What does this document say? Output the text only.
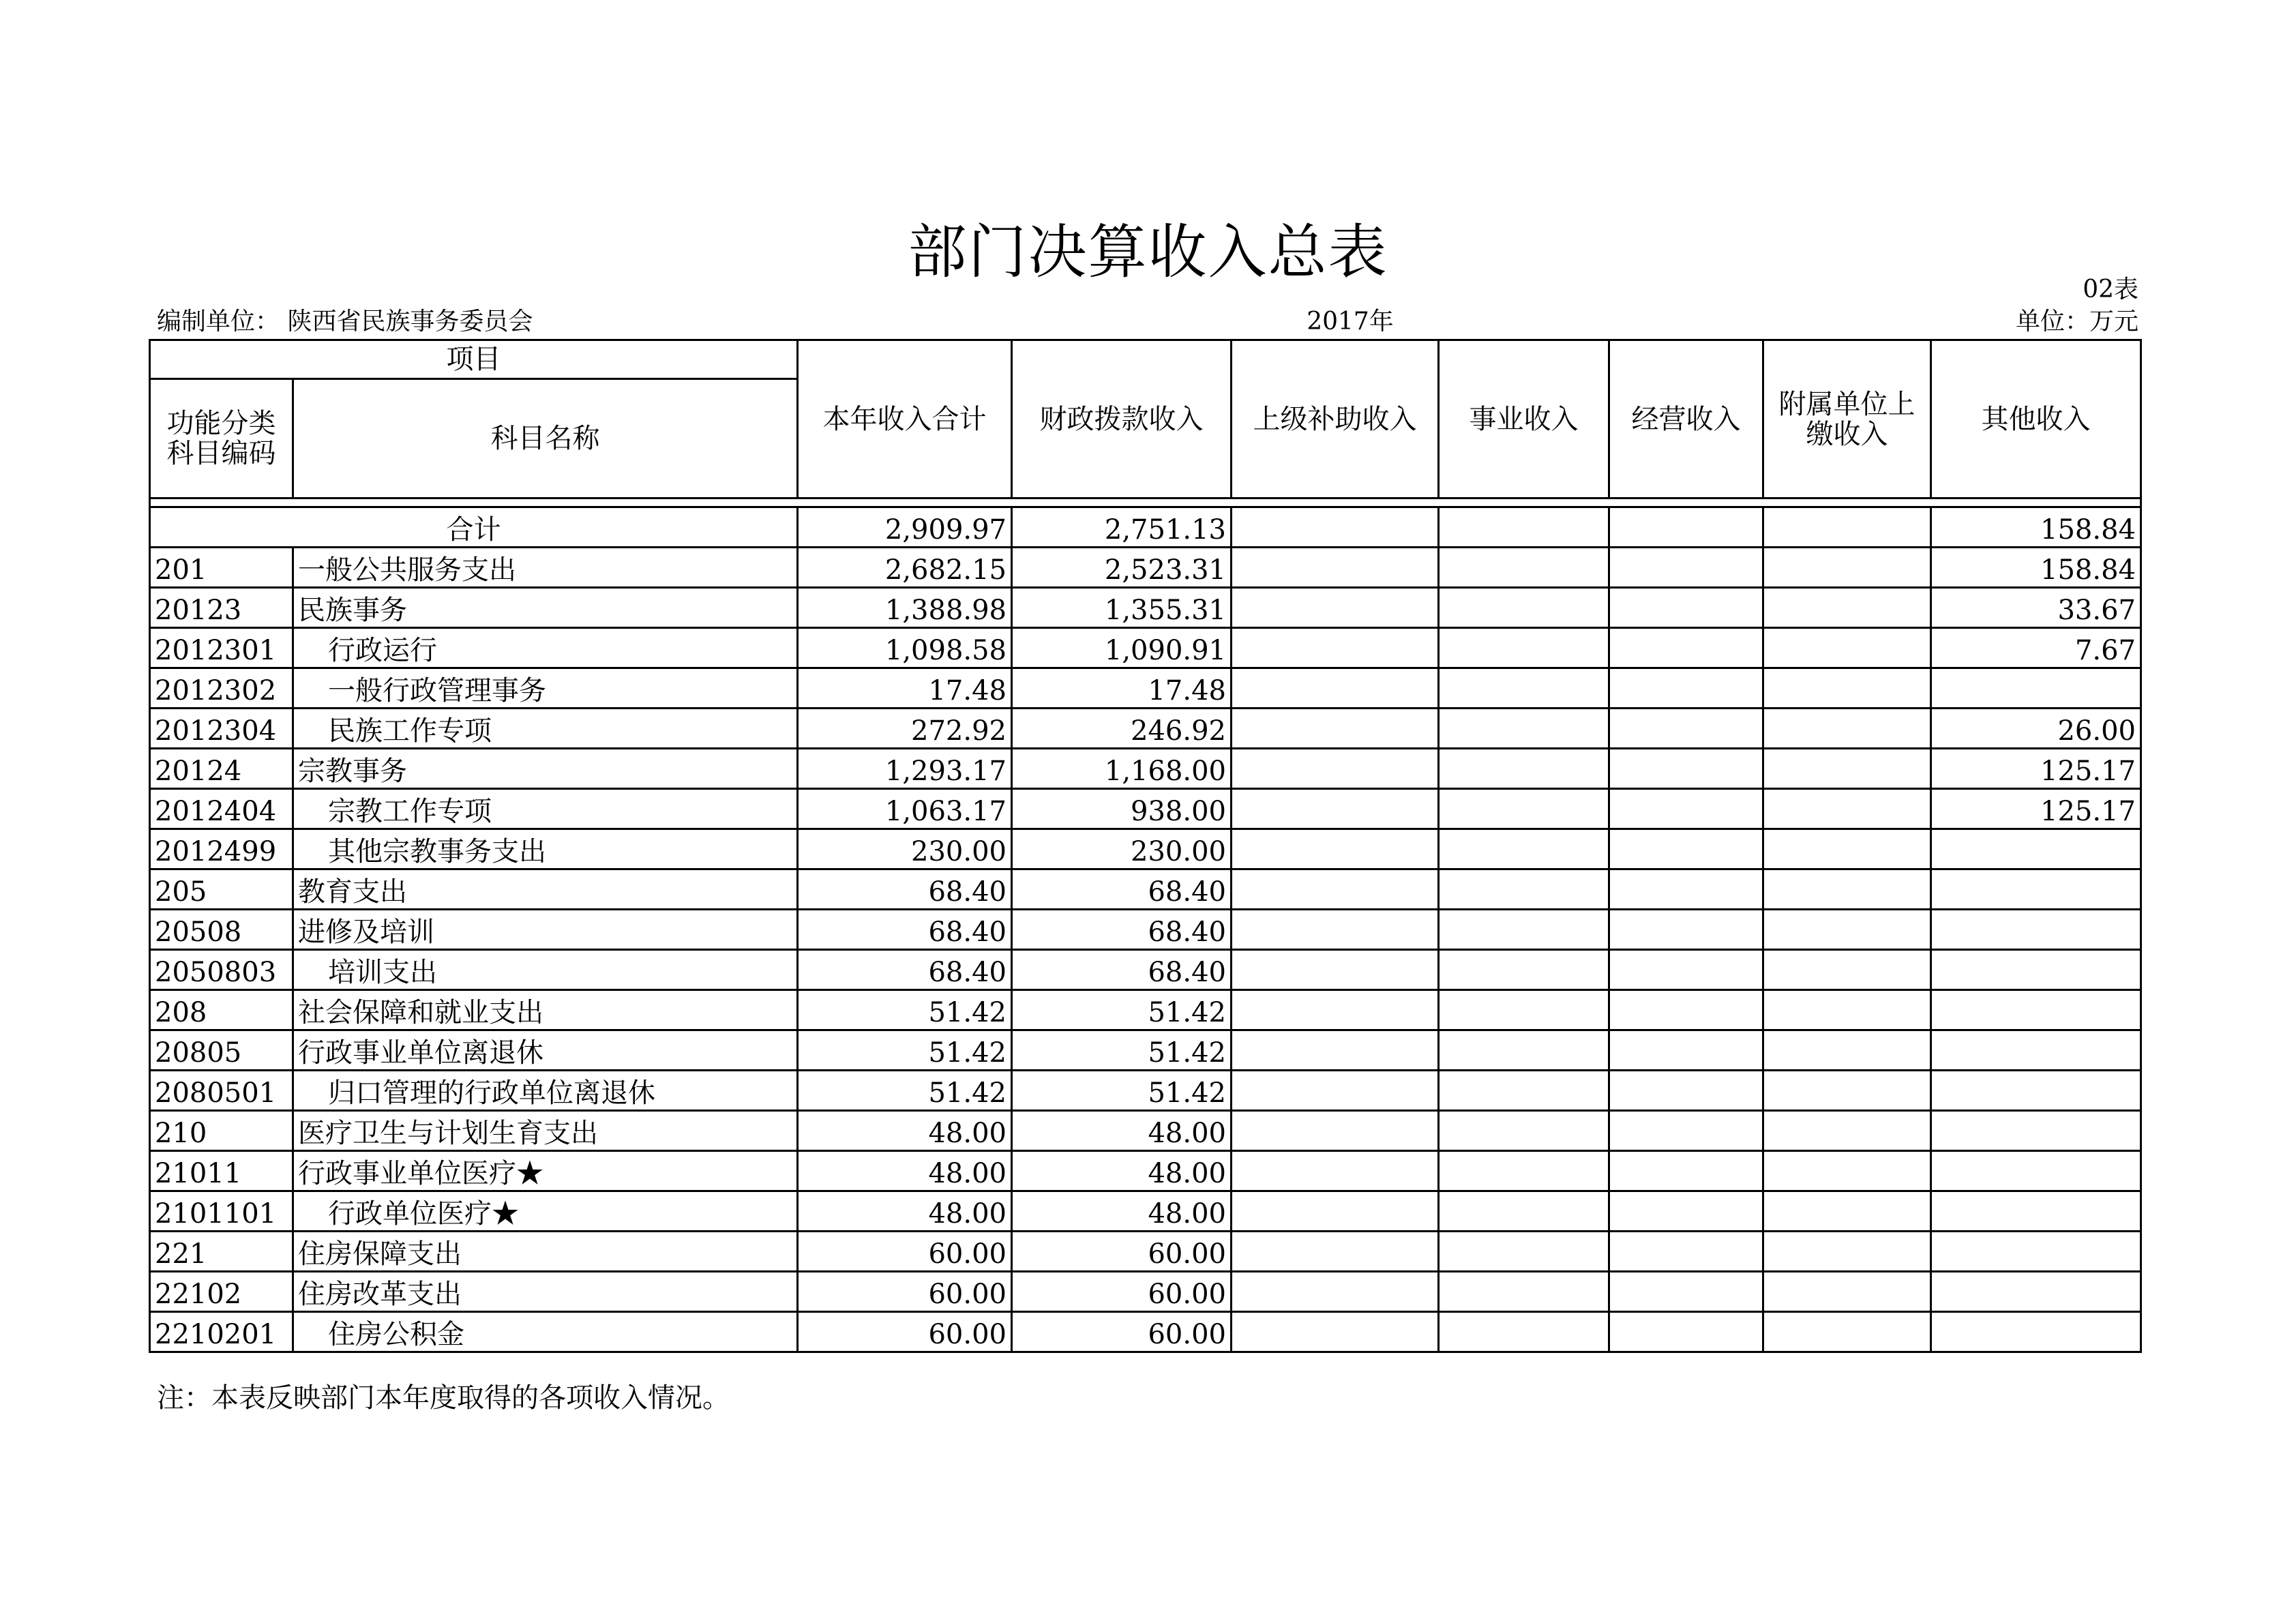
部门决算收入总表
02表
编制单位： 陕西省民族事务委员会	2017年	单位：万元
项目		本年收入合计	财政拨款收入	上级补助收入	事业收入	经营收入	附属单位上缴收入	其他收入
功能分类科目编码	科目名称							

合计		2,909.97	2,751.13					158.84
201	一般公共服务支出	2,682.15	2,523.31					158.84
20123	民族事务	1,388.98	1,355.31					33.67
2012301	行政运行	1,098.58	1,090.91					7.67
2012302	一般行政管理事务	17.48	17.48					
2012304	民族工作专项	272.92	246.92					26.00
20124	宗教事务	1,293.17	1,168.00					125.17
2012404	宗教工作专项	1,063.17	938.00					125.17
2012499	其他宗教事务支出	230.00	230.00					
205	教育支出	68.40	68.40					
20508	进修及培训	68.40	68.40					
2050803	培训支出	68.40	68.40					
208	社会保障和就业支出	51.42	51.42					
20805	行政事业单位离退休	51.42	51.42					
2080501	归口管理的行政单位离退休	51.42	51.42					
210	医疗卫生与计划生育支出	48.00	48.00					
21011	行政事业单位医疗★	48.00	48.00					
2101101	行政单位医疗★	48.00	48.00					
221	住房保障支出	60.00	60.00					
22102	住房改革支出	60.00	60.00					
2210201	住房公积金	60.00	60.00					
注：本表反映部门本年度取得的各项收入情况。
